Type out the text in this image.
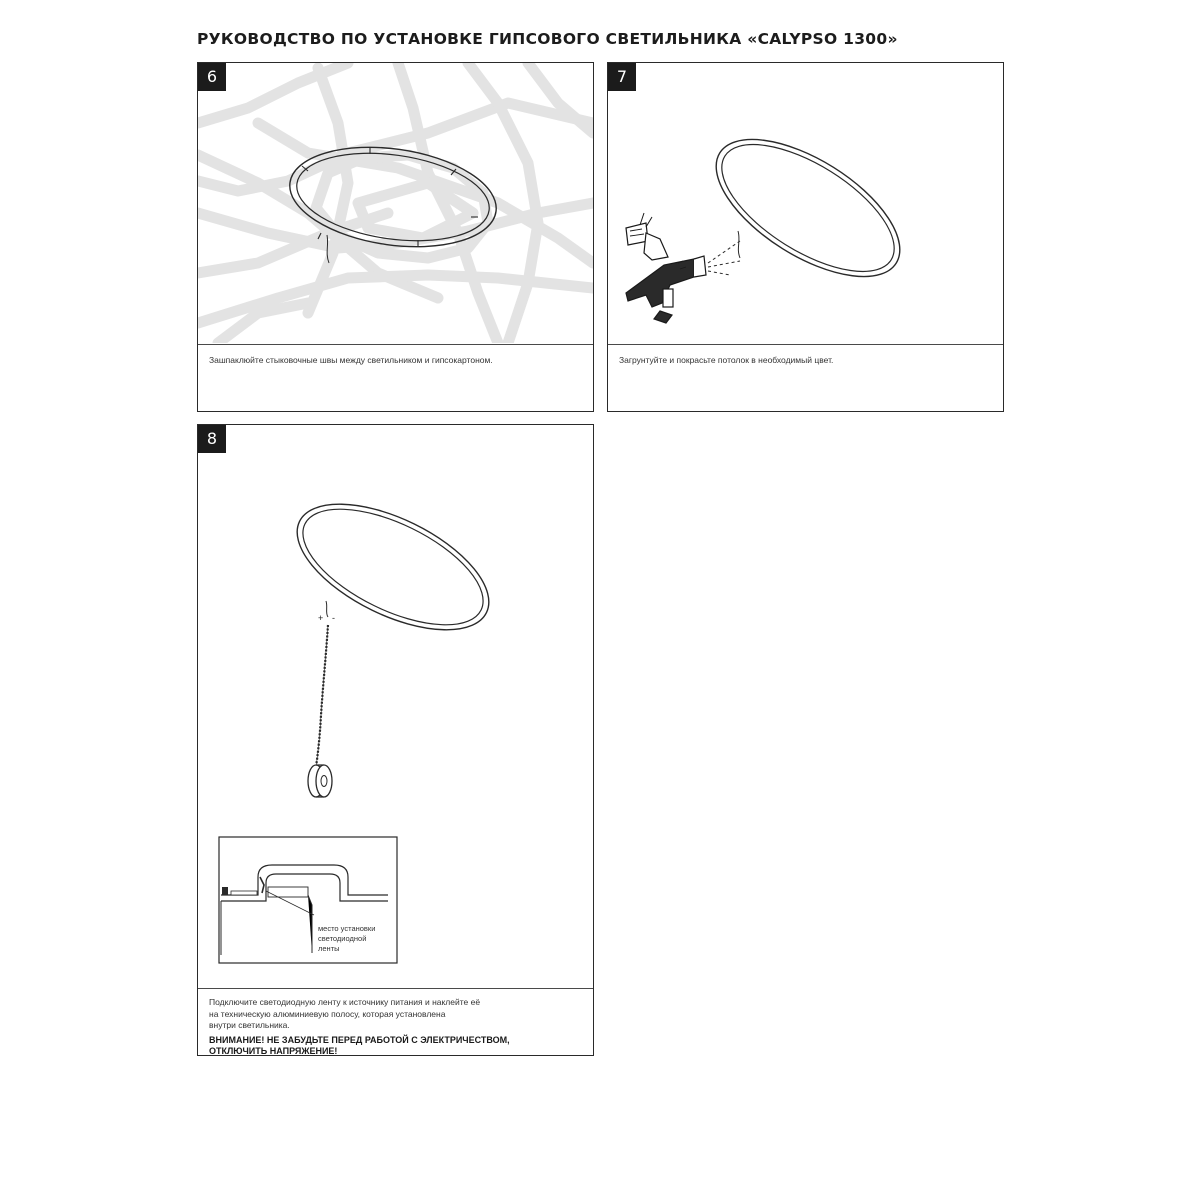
РУКОВОДСТВО ПО УСТАНОВКЕ ГИПСОВОГО СВЕТИЛЬНИКА «CALYPSO 1300»
6
Зашпаклюйте стыковочные швы между светильником и гипсокартоном.
7
Загрунтуйте и покрасьте потолок в необходимый цвет.
+ -
место установки
светодиодной
ленты
8
Подключите светодиодную ленту к источнику питания и наклейте её
на техническую алюминиевую полосу, которая установлена
внутри светильника.
ВНИМАНИЕ! НЕ ЗАБУДЬТЕ ПЕРЕД РАБОТОЙ С ЭЛЕКТРИЧЕСТВОМ,
ОТКЛЮЧИТЬ НАПРЯЖЕНИЕ!
